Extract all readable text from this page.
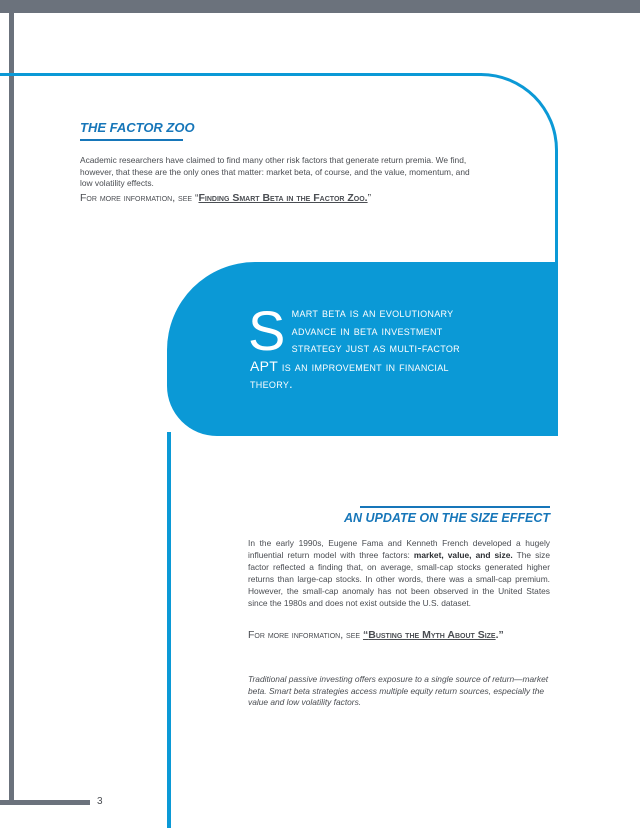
3
THE FACTOR ZOO

Academic researchers have claimed to find many other risk factors that generate return premia. We find, however, that these are the only ones that matter: market beta, of course, and the value, momentum, and low volatility effects.

For more information, see “Finding Smart Beta in the Factor Zoo.”

Smart beta is an evolutionary advance in beta investment strategy just as multi-factor APT is an improvement in financial theory.

AN UPDATE ON THE SIZE EFFECT

In the early 1990s, Eugene Fama and Kenneth French developed a hugely influential return model with three factors: market, value, and size. The size factor reflected a finding that, on average, small-cap stocks generated higher returns than large-cap stocks. In other words, there was a small-cap premium. However, the small-cap anomaly has not been observed in the United States since the 1980s and does not exist outside the U.S. dataset.

For more information, see “Busting the Myth About Size.”

Traditional passive investing offers exposure to a single source of return—market beta. Smart beta strategies access multiple equity return sources, especially the value and low volatility factors.
